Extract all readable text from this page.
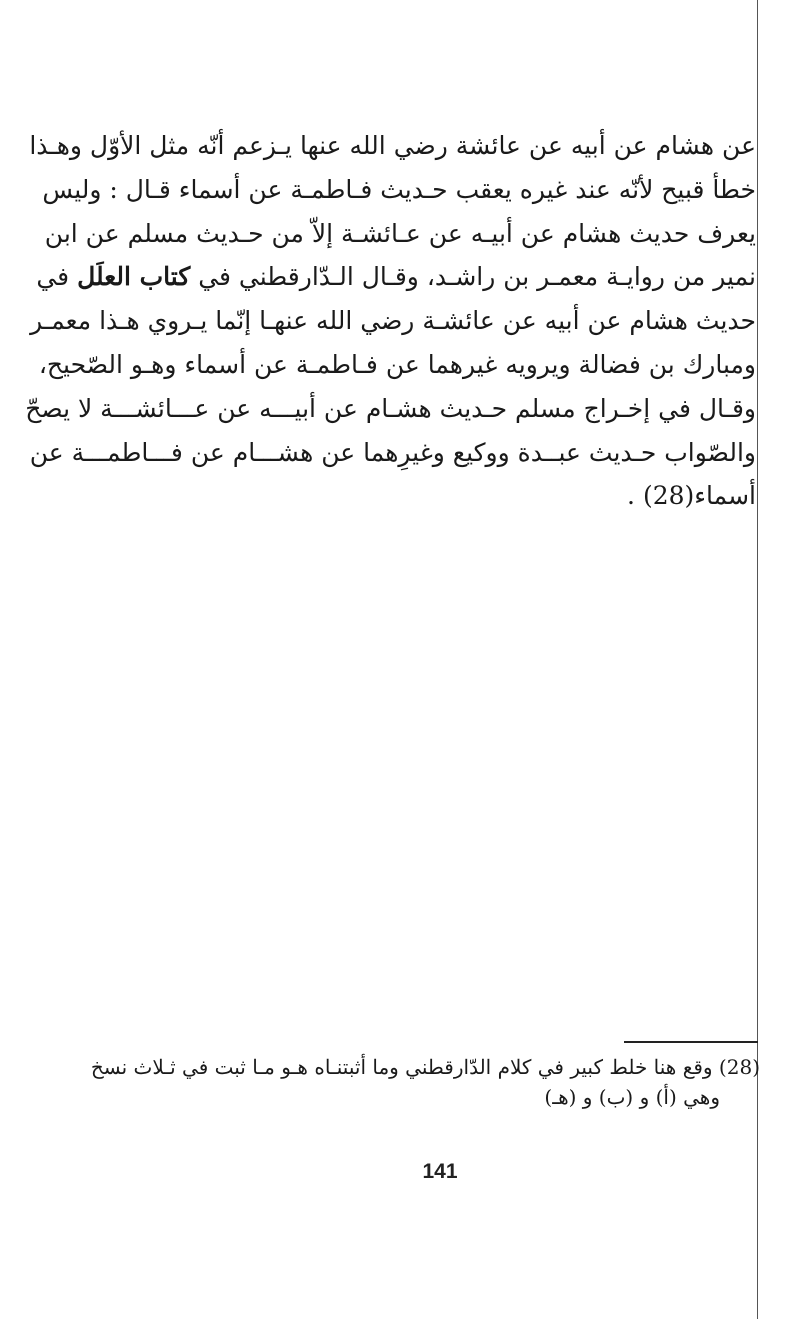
عن هشام عن أبيه عن عائشة رضي الله عنها يـزعم أنّه مثل الأوّل وهـذا
خطأ قبيح لأنّه عند غيره يعقب حـديث فـاطمـة عن أسماء قـال : وليس
يعرف حديث هشام عن أبيـه عن عـائشـة إلاّ من حـديث مسلم عن ابن
نمير من روايـة معمـر بن راشـد، وقـال الـدّارقطني في كتاب العلَل في
حديث هشام عن أبيه عن عائشـة رضي الله عنهـا إنّما يـروي هـذا معمـر
ومبارك بن فضالة ويرويه غيرهما عن فـاطمـة عن أسماء وهـو الصّحيح،
وقـال في إخـراج مسلم حـديث هشـام عن أبيـــه عن عـــائشـــة لا يصحّ
والصّواب حـديث عبــدة ووكيع وغيرِهما عن هشـــام عن فـــاطمـــة عن
أسماء(28) .
(28) وقع هنا خلط كبير في كلام الدّارقطني وما أثبتنـاه هـو مـا ثبت في ثـلاث نسخ
وهي (أ) و (ب) و (هـ)
141
